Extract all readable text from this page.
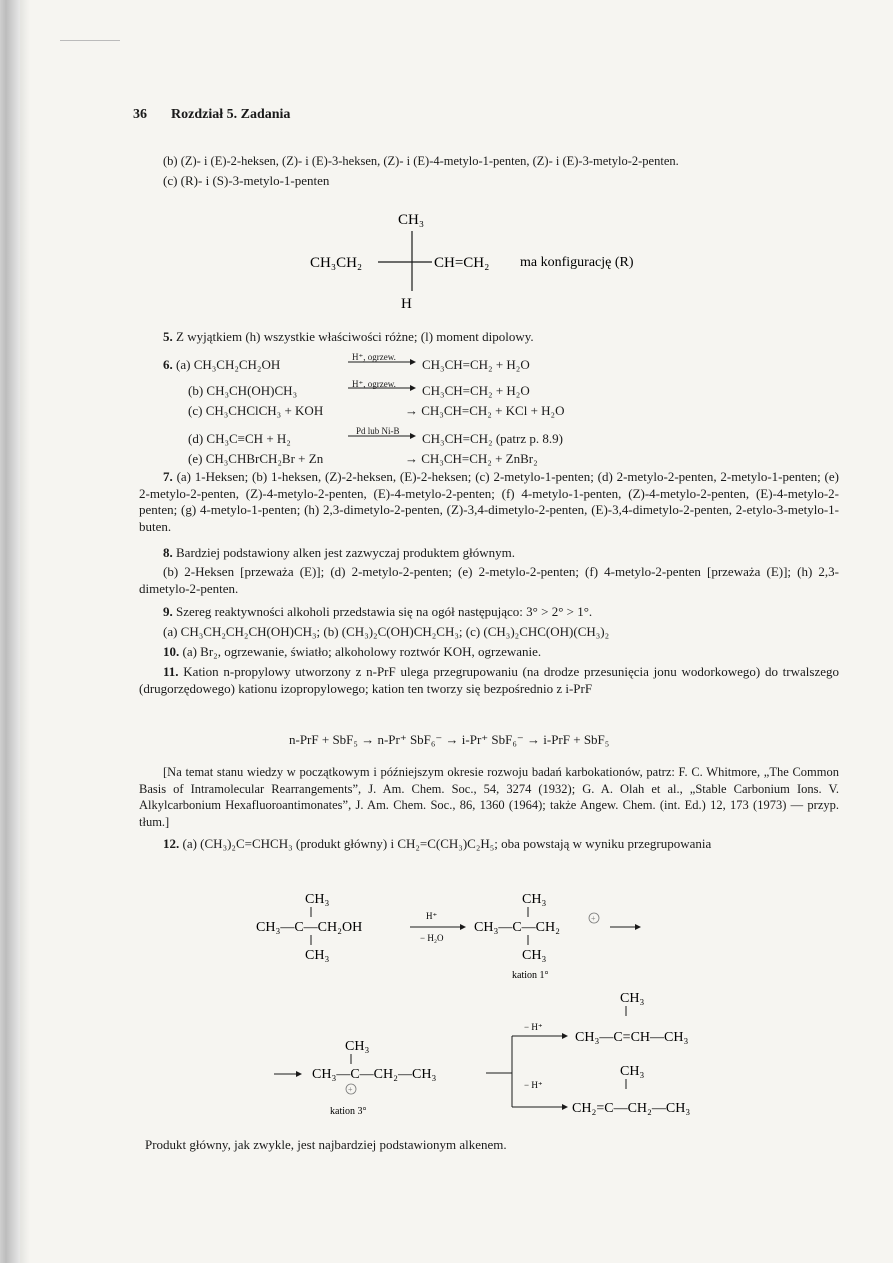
36 Rozdział 5. Zadania
(b) (Z)- i (E)-2-heksen, (Z)- i (E)-3-heksen, (Z)- i (E)-4-metylo-1-penten, (Z)- i (E)-3-metylo-2-penten.
(c) (R)- i (S)-3-metylo-1-penten
CH₃
CH₃CH₂	CH=CH₂ ma konfigurację (R)
H
5. Z wyjątkiem (h) wszystkie właściwości różne; (l) moment dipolowy.
6. (a) CH₃CH₂CH₂OH	H⁺, ogrzew. CH₃CH=CH₂ + H₂O
(b) CH₃CH(OH)CH₃	H⁺, ogrzew. CH₃CH=CH₂ + H₂O
(c) CH₃CHClCH₃ + KOH	→ CH₃CH=CH₂ + KCl + H₂O
(d) CH₃C≡CH + H₂	Pd lub Ni-B CH₃CH=CH₂ (patrz p. 8.9)
(e) CH₃CHBrCH₂Br + Zn	→ CH₃CH=CH₂ + ZnBr₂
7. (a) 1-Heksen; (b) 1-heksen, (Z)-2-heksen, (E)-2-heksen; (c) 2-metylo-1-penten; (d) 2-metylo-2-penten, 2-metylo-1-penten; (e) 2-metylo-2-penten, (Z)-4-metylo-2-penten, (E)-4-metylo-2-penten; (f) 4-metylo-1-penten, (Z)-4-metylo-2-penten, (E)-4-metylo-2-penten; (g) 4-metylo-1-penten; (h) 2,3-dimetylo-2-penten, (Z)-3,4-dimetylo-2-penten, (E)-3,4-dimetylo-2-penten, 2-etylo-3-metylo-1-buten.
8. Bardziej podstawiony alken jest zazwyczaj produktem głównym.
(b) 2-Heksen [przeważa (E)]; (d) 2-metylo-2-penten; (e) 2-metylo-2-penten; (f) 4-metylo-2-penten [przeważa (E)]; (h) 2,3-dimetylo-2-penten.
9. Szereg reaktywności alkoholi przedstawia się na ogół następująco: 3° > 2° > 1°.
(a) CH₃CH₂CH₂CH(OH)CH₃; (b) (CH₃)₂C(OH)CH₂CH₃; (c) (CH₃)₂CHC(OH)(CH₃)₂
10. (a) Br₂, ogrzewanie, światło; alkoholowy roztwór KOH, ogrzewanie.
11. Kation n-propylowy utworzony z n-PrF ulega przegrupowaniu (na drodze przesunięcia jonu wodorkowego) do trwalszego (drugorzędowego) kationu izopropylowego; kation ten tworzy się bezpośrednio z i-PrF
n-PrF + SbF₅ → n-Pr⁺ SbF₆⁻ → i-Pr⁺ SbF₆⁻ → i-PrF + SbF₅
[Na temat stanu wiedzy w początkowym i późniejszym okresie rozwoju badań karbokationów, patrz: F. C. Whitmore, „The Common Basis of Intramolecular Rearrangements”, J. Am. Chem. Soc., 54, 3274 (1932); G. A. Olah et al., „Stable Carbonium Ions. V. Alkylcarbonium Hexafluoroantimonates”, J. Am. Chem. Soc., 86, 1360 (1964); także Angew. Chem. (int. Ed.) 12, 173 (1973) — przyp. tłum.]
12. (a) (CH₃)₂C=CHCH₃ (produkt główny) i CH₂=C(CH₃)C₂H₅; oba powstają w wyniku przegrupowania
CH₃
CH₃—C—CH₂OH
CH₃
H⁺
− H₂O
CH₃
CH₃—C—CH₂
+
CH₃
kation 1°
CH₃
CH₃—C—CH₂—CH₃
+
kation 3°
− H⁺
− H⁺
CH₃
CH₃—C=CH—CH₃
CH₃
CH₂=C—CH₂—CH₃
Produkt główny, jak zwykle, jest najbardziej podstawionym alkenem.
